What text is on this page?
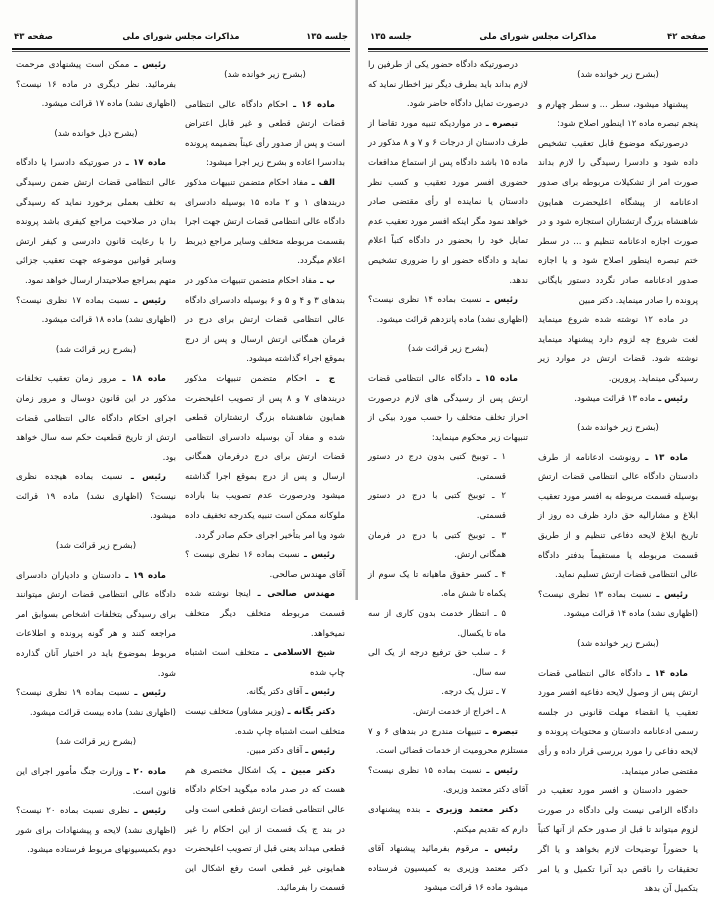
صفحه ۴۳	مذاکرات مجلس شورای ملی	جلسه ۱۳۵

(بشرح زیر خوانده شد)

ماده ۱۶ ـ احکام دادگاه عالی انتظامی قضات ارتش قطعی و غیر قابل اعتراض است و پس از صدور رأی عیناً بضمیمه پرونده بدادسرا اعاده و بشرح زیر اجرا میشود:

الف ـ مفاد احکام متضمن تنبیهات مذکور دربندهای ۱ و ۲ ماده ۱۵ بوسیله دادسرای دادگاه عالی انتظامی قضات ارتش جهت اجرا بقسمت مربوطه متخلف وسایر مراجع ذیربط اعلام میگردد.

ب ـ مفاد احکام متضمن تنبیهات مذکور در بندهای ۳ و ۴ و ۵ و ۶ بوسیله دادسرای دادگاه عالی انتظامی قضات ارتش برای درج در فرمان همگانی ارتش ارسال و پس از درج بموقع اجراء گذاشته میشود.

ج ـ احکام متضمن تنبیهات مذکور دربندهای ۷ و ۸ پس از تصویب اعلیحضرت همایون شاهنشاه بزرگ ارتشتاران قطعی شده و مفاد آن بوسیله دادسرای انتظامی قضات ارتش برای درج درفرمان همگانی ارسال و پس از درج بموقع اجرا گذاشته میشود ودرصورت عدم تصویب بنا باراده ملوکانه ممکن است تنبیه یکدرجه تخفیف داده شود ویا امر بتأخیر اجرای حکم صادر گردد.

رئیس ـ نسبت بماده ۱۶ نظری نیست ؟ آقای مهندس صالحی.

مهندس صالحی ـ اینجا نوشته شده قسمت مربوطه متخلف دیگر متخلف نمیخواهد.

شیخ الاسلامی ـ متخلف است اشتباه چاپ شده

رئیس ـ آقای دکتر یگانه.

دکتر یگانه ـ (وزیر مشاور) متخلف نیست متخلف است اشتباه چاپ شده.

رئیس ـ آقای دکتر مبین.

دکتر مبین ـ یک اشکال مختصری هم هست که در صدر ماده میگوید احکام دادگاه عالی انتظامی قضات ارتش قطعی است ولی در بند ج یک قسمت از این احکام را غیر قطعی میداند یعنی قبل از تصویب اعلیحضرت همایونی غیر قطعی است رفع اشکال این قسمت را بفرمائید.

رئیس ـ ممکن است پیشنهادی مرحمت بفرمائید. نظر دیگری در ماده ۱۶ نیست؟ (اظهاری نشد) ماده ۱۷ قرائت میشود.

(بشرح ذیل خوانده شد)

ماده ۱۷ ـ در صورتیکه دادسرا یا دادگاه عالی انتظامی قضات ارتش ضمن رسیدگی به تخلف بعملی برخورد نماید که رسیدگی بدان در صلاحیت مراجع کیفری باشد پرونده را با رعایت قانون دادرسی و کیفر ارتش وسایر قوانین موضوعه جهت تعقیب جزائی متهم بمراجع صلاحیتدار ارسال خواهد نمود.

رئیس ـ نسبت بماده ۱۷ نظری نیست؟ (اظهاری نشد) ماده ۱۸ قرائت میشود.

(بشرح زیر قرائت شد)

ماده ۱۸ ـ مرور زمان تعقیب تخلفات مذکور در این قانون دوسال و مرور زمان اجرای احکام دادگاه عالی انتظامی قضات ارتش از تاریخ قطعیت حکم سه سال خواهد بود.

رئیس ـ نسبت بماده هیجده نظری نیست؟ (اظهاری نشد) ماده ۱۹ قرائت میشود.

(بشرح زیر قرائت شد)

ماده ۱۹ ـ دادستان و دادیاران دادسرای دادگاه عالی انتظامی قضات ارتش میتوانند برای رسیدگی بتخلفات اشخاص بسوابق امر مراجعه کنند و هر گونه پرونده و اطلاعات مربوط بموضوع باید در اختیار آنان گذارده شود.

رئیس ـ نسبت بماده ۱۹ نظری نیست؟ (اظهاری نشد) ماده بیست قرائت میشود.

(بشرح زیر قرائت شد)

ماده ۲۰ ـ وزارت جنگ مأمور اجرای این قانون است.

رئیس ـ نظری نسبت بماده ۲۰ نیست؟ (اظهاری نشد) لایحه و پیشنهادات برای شور دوم بکمیسیونهای مربوط فرستاده میشود.

صفحه ۴۲
مذاکرات مجلس شورای ملی
جلسه ۱۳۵

(بشرح زیر خوانده شد)

پیشنهاد میشود، سطر ... و سطر چهارم و پنجم تبصره ماده ۱۲ اینطور اصلاح شود:

درصورتیکه موضوع قابل تعقیب تشخیص داده شود و دادسرا رسیدگی را لازم بداند صورت امر از تشکیلات مربوطه برای صدور ادعانامه از پیشگاه اعلیحضرت همایون شاهنشاه بزرگ ارتشتاران استجازه شود و در صورت اجازه ادعانامه تنظیم و ... در سطر ختم تبصره اینطور اصلاح شود و یا اجازه صدور ادعانامه صادر نگردد دستور بایگانی پرونده را صادر مینماید. دکتر مبین

در ماده ۱۲ نوشته شده شروع مینماید لغت شروع چه لزوم دارد پیشنهاد مینماید نوشته شود. قضات ارتش در موارد زیر رسیدگی مینماید. پرورین.

رئیس ـ ماده ۱۳ قرائت میشود.

(بشرح زیر خوانده شد)

ماده ۱۳ ـ رونوشت ادعانامه از طرف دادستان دادگاه عالی انتظامی قضات ارتش بوسیله قسمت مربوطه به افسر مورد تعقیب ابلاغ و مشارالیه حق دارد ظرف ده روز از تاریخ ابلاغ لایحه دفاعی تنظیم و از طریق قسمت مربوطه یا مستقیماً بدفتر دادگاه عالی انتظامی قضات ارتش تسلیم نماید.

رئیس ـ نسبت بماده ۱۳ نظری نیست؟ (اظهاری نشد) ماده ۱۴ قرائت میشود.

(بشرح زیر خوانده شد)

ماده ۱۴ ـ دادگاه عالی انتظامی قضات ارتش پس از وصول لایحه دفاعیه افسر مورد تعقیب یا انقضاء مهلت قانونی در جلسه رسمی ادعانامه دادستان و محتویات پرونده و لایحه دفاعی را مورد بررسی قرار داده و رأی مقتضی صادر مینماید.

حضور دادستان و افسر مورد تعقیب در دادگاه الزامی نیست ولی دادگاه در صورت لزوم میتواند تا قبل از صدور حکم از آنها کتباً یا حضوراً توضیحات لازم بخواهد و یا اگر تحقیقات را ناقص دید آنرا تکمیل و یا امر بتکمیل آن بدهد

درصورتیکه دادگاه حضور یکی از طرفین را لازم بداند باید بطرف دیگر نیز اخطار نماید که درصورت تمایل دادگاه حاضر شود.

تبصره ـ در مواردیکه تنبیه مورد تقاضا از طرف دادستان از درجات ۶ و ۷ و ۸ مذکور در ماده ۱۵ باشد دادگاه پس از استماع مدافعات حضوری افسر مورد تعقیب و کسب نظر دادستان یا نماینده او رأی مقتضی صادر خواهد نمود مگر اینکه افسر مورد تعقیب عدم تمایل خود را بحضور در دادگاه کتباً اعلام نماید و دادگاه حضور او را ضروری تشخیص ندهد.

رئیس ـ نسبت بماده ۱۴ نظری نیست؟ (اظهاری نشد) ماده پانزدهم قرائت میشود.

(بشرح زیر قرائت شد)

ماده ۱۵ ـ دادگاه عالی انتظامی قضات ارتش پس از رسیدگی های لازم درصورت احراز تخلف متخلف را حسب مورد بیکی از تنبیهات زیر محکوم مینماید:

۱ ـ توبیخ کتبی بدون درج در دستور قسمتی.

۲ ـ توبیخ کتبی با درج در دستور قسمتی.

۳ ـ توبیخ کتبی با درج در فرمان همگانی ارتش.

۴ ـ کسر حقوق ماهیانه تا یک سوم از یکماه تا شش ماه.

۵ ـ انتظار خدمت بدون کاری از سه ماه تا یکسال.

۶ ـ سلب حق ترفیع درجه از یک الی سه سال.

۷ ـ تنزل یک درجه.

۸ ـ اخراج از خدمت ارتش.

تبصره ـ تنبیهات مندرج در بندهای ۶ و ۷ مستلزم محرومیت از خدمات قضائی است.

رئیس ـ نسبت بماده ۱۵ نظری نیست؟ آقای دکتر معتمد وزیری.

دکتر معتمد وزیری ـ بنده پیشنهادی دارم که تقدیم میکنم.

رئیس ـ مرقوم بفرمائید پیشنهاد آقای دکتر معتمد وزیری به کمیسیون فرستاده میشود ماده ۱۶ قرائت میشود
